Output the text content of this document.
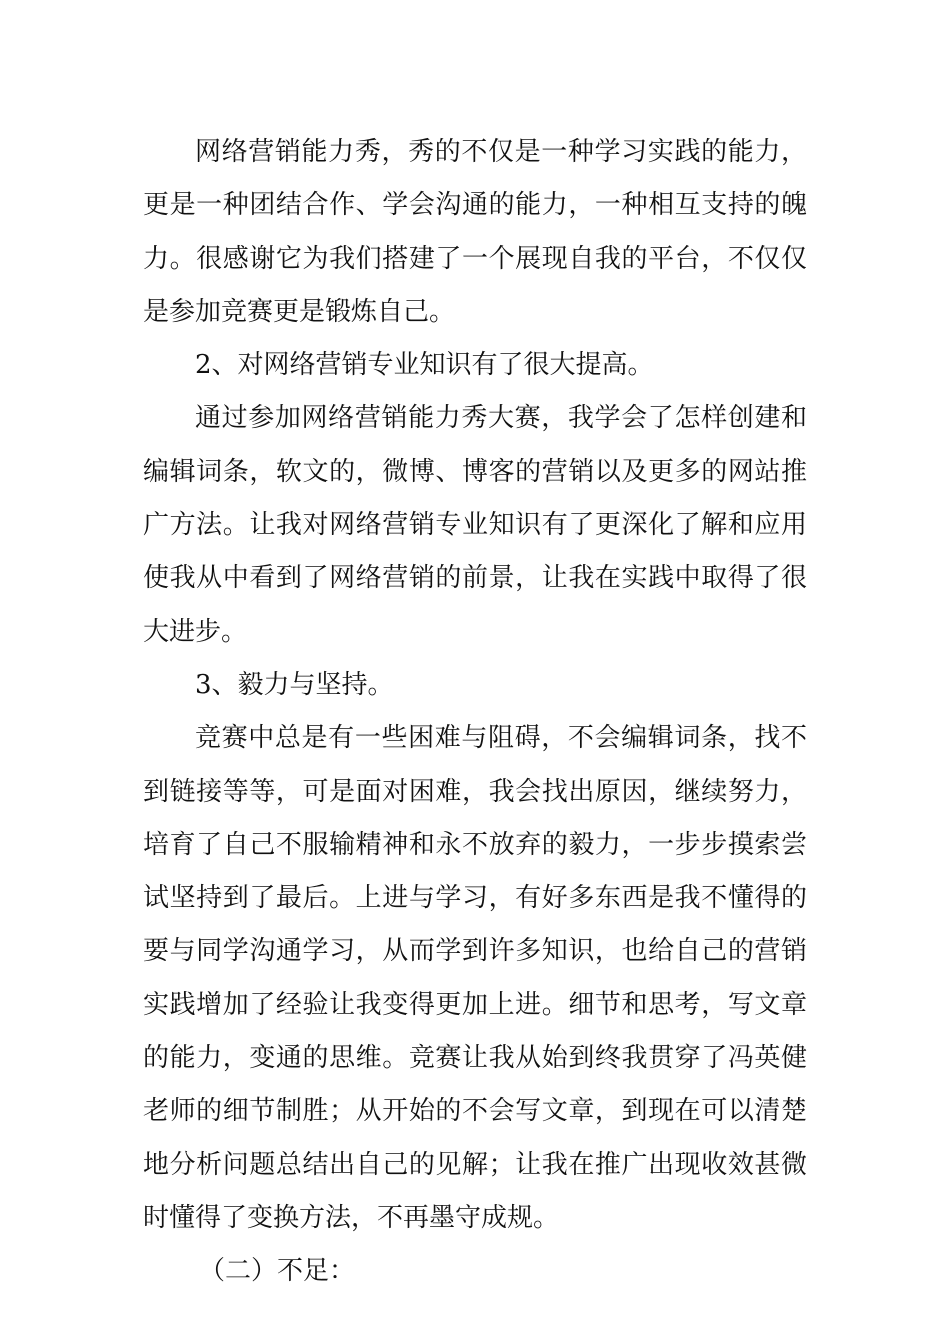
网络营销能力秀，秀的不仅是一种学习实践的能力，更是一种团结合作、学会沟通的能力，一种相互支持的魄力。很感谢它为我们搭建了一个展现自我的平台，不仅仅是参加竞赛更是锻炼自己。

2、对网络营销专业知识有了很大提高。

通过参加网络营销能力秀大赛，我学会了怎样创建和编辑词条，软文的，微博、博客的营销以及更多的网站推广方法。让我对网络营销专业知识有了更深化了解和应用使我从中看到了网络营销的前景，让我在实践中取得了很大进步。

3、毅力与坚持。

竞赛中总是有一些困难与阻碍，不会编辑词条，找不到链接等等，可是面对困难，我会找出原因，继续努力，培育了自己不服输精神和永不放弃的毅力，一步步摸索尝试坚持到了最后。上进与学习，有好多东西是我不懂得的要与同学沟通学习，从而学到许多知识，也给自己的营销实践增加了经验让我变得更加上进。细节和思考，写文章的能力，变通的思维。竞赛让我从始到终我贯穿了冯英健老师的细节制胜；从开始的不会写文章，到现在可以清楚地分析问题总结出自己的见解；让我在推广出现收效甚微时懂得了变换方法，不再墨守成规。

（二）不足：
